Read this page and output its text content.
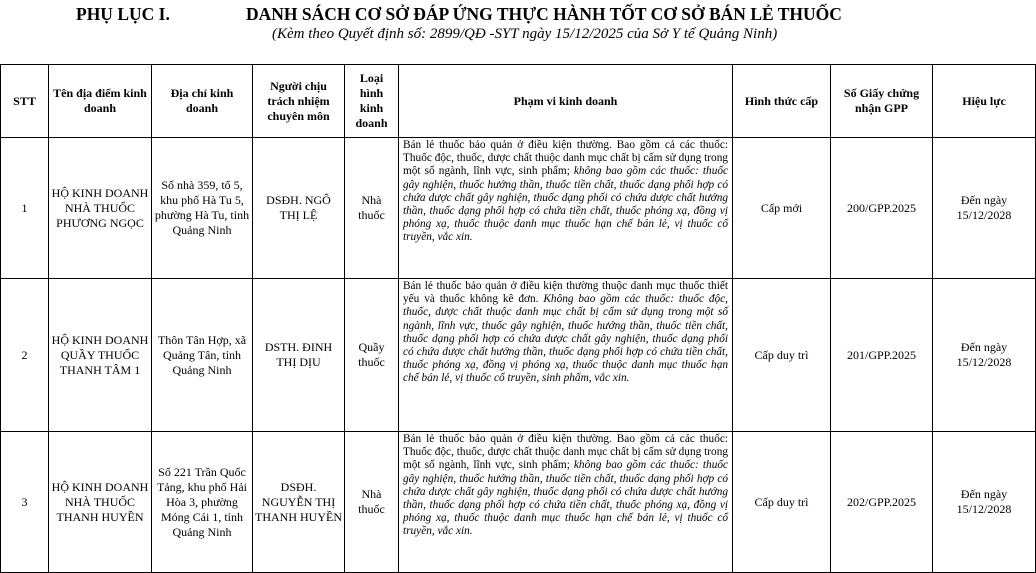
PHỤ LỤC I.	DANH SÁCH CƠ SỞ ĐÁP ỨNG THỰC HÀNH TỐT CƠ SỞ BÁN LẺ THUỐC
(Kèm theo Quyết định số: 2899/QĐ -SYT ngày 15/12/2025 của Sở Y tế Quảng Ninh)
STT	Tên địa điểm kinh doanh	Địa chỉ kinh doanh	Người chịu trách nhiệm chuyên môn	Loại hình kinh doanh	Phạm vi kinh doanh	Hình thức cấp	Số Giấy chứng nhận GPP	Hiệu lực
1	HỘ KINH DOANH NHÀ THUỐC PHƯƠNG NGỌC	Số nhà 359, tổ 5, khu phố Hà Tu 5, phường Hà Tu, tỉnh Quảng Ninh	DSĐH. NGÔ THỊ LỆ	Nhà thuốc	Bán lẻ thuốc bảo quản ở điều kiện thường. Bao gồm cả các thuốc: Thuốc độc, thuốc, dược chất thuộc danh mục chất bị cấm sử dụng trong một số ngành, lĩnh vực, sinh phẩm; không bao gồm các thuốc: thuốc gây nghiện, thuốc hướng thần, thuốc tiền chất, thuốc dạng phối hợp có chứa dược chất gây nghiện, thuốc dạng phối có chứa dược chất hướng thần, thuốc dạng phối hợp có chứa tiền chất, thuốc phóng xạ, đồng vị phóng xạ, thuốc thuộc danh mục thuốc hạn chế bán lẻ, vị thuốc cổ truyền, vắc xin.	Cấp mới	200/GPP.2025	Đến ngày 15/12/2028
2	HỘ KINH DOANH QUẦY THUỐC THANH TÂM 1	Thôn Tân Hợp, xã Quảng Tân, tỉnh Quảng Ninh	DSTH. ĐINH THỊ DỊU	Quầy thuốc	Bán lẻ thuốc bảo quản ở điều kiện thường thuộc danh mục thuốc thiết yếu và thuốc không kê đơn. Không bao gồm các thuốc: thuốc độc, thuốc, dược chất thuộc danh mục chất bị cấm sử dụng trong một số ngành, lĩnh vực, thuốc gây nghiện, thuốc hướng thần, thuốc tiền chất, thuốc dạng phối hợp có chứa dược chất gây nghiện, thuốc dạng phối có chứa dược chất hướng thần, thuốc dạng phối hợp có chứa tiền chất, thuốc phóng xạ, đồng vị phóng xạ, thuốc thuộc danh mục thuốc hạn chế bán lẻ, vị thuốc cổ truyền, sinh phẩm, vắc xin.	Cấp duy trì	201/GPP.2025	Đến ngày 15/12/2028
3	HỘ KINH DOANH NHÀ THUỐC THANH HUYỀN	Số 221 Trần Quốc Tảng, khu phố Hải Hòa 3, phường Móng Cái 1, tỉnh Quảng Ninh	DSĐH. NGUYỄN THỊ THANH HUYỀN	Nhà thuốc	Bán lẻ thuốc bảo quản ở điều kiện thường. Bao gồm cả các thuốc: Thuốc độc, thuốc, dược chất thuộc danh mục chất bị cấm sử dụng trong một số ngành, lĩnh vực, sinh phẩm; không bao gồm các thuốc: thuốc gây nghiện, thuốc hướng thần, thuốc tiền chất, thuốc dạng phối hợp có chứa dược chất gây nghiện, thuốc dạng phối có chứa dược chất hướng thần, thuốc dạng phối hợp có chứa tiền chất, thuốc phóng xạ, đồng vị phóng xạ, thuốc thuộc danh mục thuốc hạn chế bán lẻ, vị thuốc cổ truyền, vắc xin.	Cấp duy trì	202/GPP.2025	Đến ngày 15/12/2028
